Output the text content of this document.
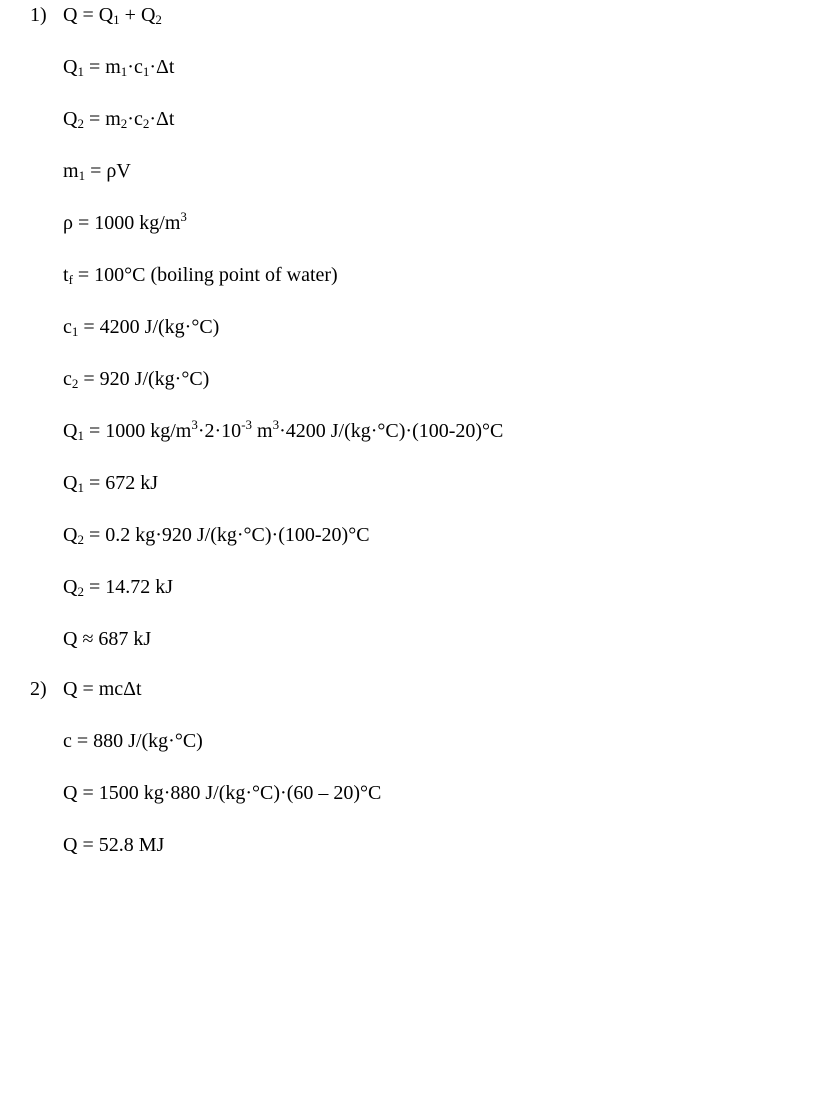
1)
2)
$Q = Q_1 + Q_2$
$Q_1 = m_1\cdot c_1\cdot\Delta t$
$Q_2 = m_2\cdot c_2\cdot\Delta t$
$m_1 = \rho V$
ρ = 1000 $kg/m^3$
$t_f = 100^\circ C$ (boiling point of water)
$c_1 = 4200$ J/(kg·°C)
$c_2 = 920$ J/(kg·°C)
$Q_1 = 1000$ $kg/m^3\cdot 2\cdot 10^{-3}$ $m^3\cdot 4200$ J/(kg·°C)·(100-20)°C
$Q_1 = 672$ kJ
$Q_2 = 0.2$ kg·920 J/(kg·°C)·(100-20)°C
$Q_2 = 14.72$ kJ
Q ≈ 687 kJ
Q = mcΔt
c = 880 J/(kg·°C)
Q = 1500 kg·880 J/(kg·°C)·(60 – 20)°C
Q = 52.8 MJ
